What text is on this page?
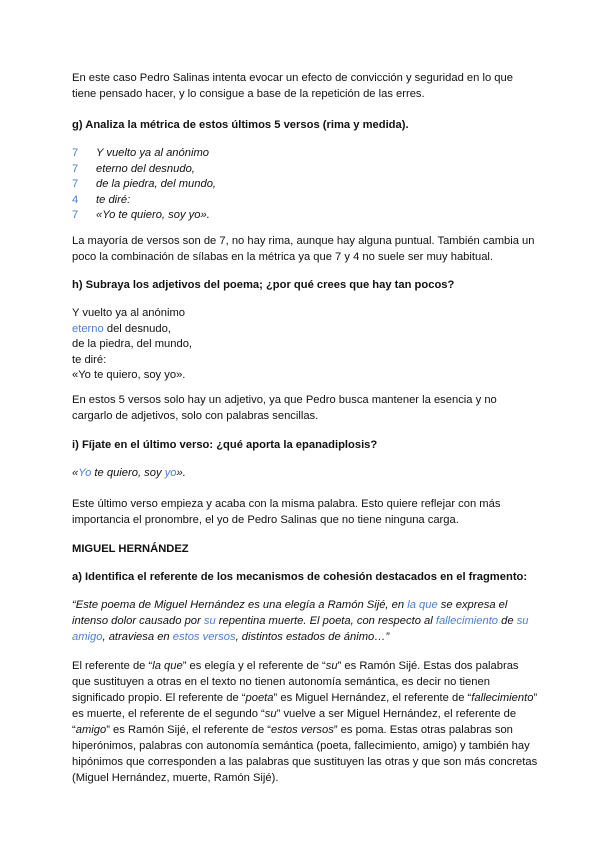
En este caso Pedro Salinas intenta evocar un efecto de convicción y seguridad en lo que tiene pensado hacer, y lo consigue a base de la repetición de las erres.

g) Analiza la métrica de estos últimos 5 versos (rima y medida).

7	Y vuelto ya al anónimo
7	eterno del desnudo,
7	de la piedra, del mundo,
4	te diré:
7	«Yo te quiero, soy yo».

La mayoría de versos son de 7, no hay rima, aunque hay alguna puntual. También cambia un poco la combinación de sílabas en la métrica ya que 7 y 4 no suele ser muy habitual.

h) Subraya los adjetivos del poema; ¿por qué crees que hay tan pocos?

Y vuelto ya al anónimo
eterno del desnudo,
de la piedra, del mundo,
te diré:
«Yo te quiero, soy yo».

En estos 5 versos solo hay un adjetivo, ya que Pedro busca mantener la esencia y no cargarlo de adjetivos, solo con palabras sencillas.

i) Fíjate en el último verso: ¿qué aporta la epanadiplosis?

«Yo te quiero, soy yo».

Este último verso empieza y acaba con la misma palabra. Esto quiere reflejar con más importancia el pronombre, el yo de Pedro Salinas que no tiene ninguna carga.

MIGUEL HERNÁNDEZ

a) Identifica el referente de los mecanismos de cohesión destacados en el fragmento:

“Este poema de Miguel Hernández es una elegía a Ramón Sijé, en la que se expresa el intenso dolor causado por su repentina muerte. El poeta, con respecto al fallecimiento de su amigo, atraviesa en estos versos, distintos estados de ánimo…”

El referente de “la que” es elegía y el referente de “su” es Ramón Sijé. Estas dos palabras que sustituyen a otras en el texto no tienen autonomía semántica, es decir no tienen significado propio. El referente de “poeta” es Miguel Hernández, el referente de “fallecimiento” es muerte, el referente de el segundo “su” vuelve a ser Miguel Hernández, el referente de “amigo” es Ramón Sijé, el referente de “estos versos” es poma. Estas otras palabras son hiperónimos, palabras con autonomía semántica (poeta, fallecimiento, amigo) y también hay hipónimos que corresponden a las palabras que sustituyen las otras y que son más concretas (Miguel Hernández, muerte, Ramón Sijé).
